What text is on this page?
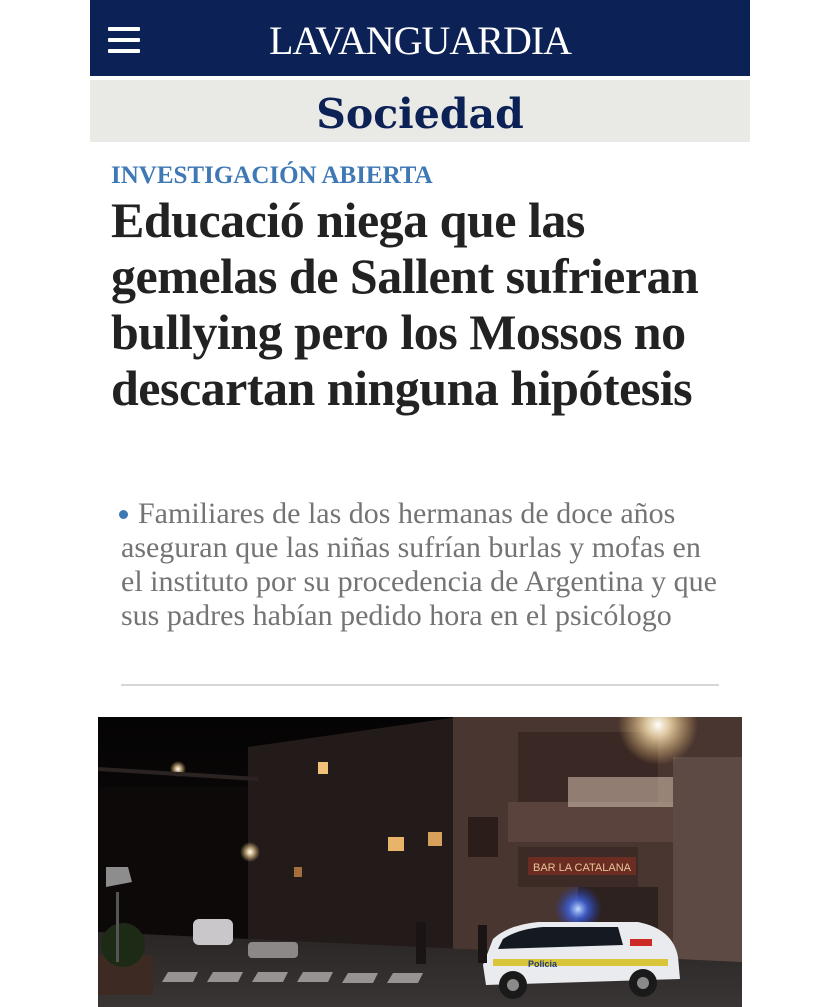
LAVANGUARDIA
Sociedad
INVESTIGACIÓN ABIERTA
Educació niega que las gemelas de Sallent sufrieran bullying pero los Mossos no descartan ninguna hipótesis
Familiares de las dos hermanas de doce años aseguran que las niñas sufrían burlas y mofas en el instituto por su procedencia de Argentina y que sus padres habían pedido hora en el psicólogo
BAR LA CATALANA
Policia
